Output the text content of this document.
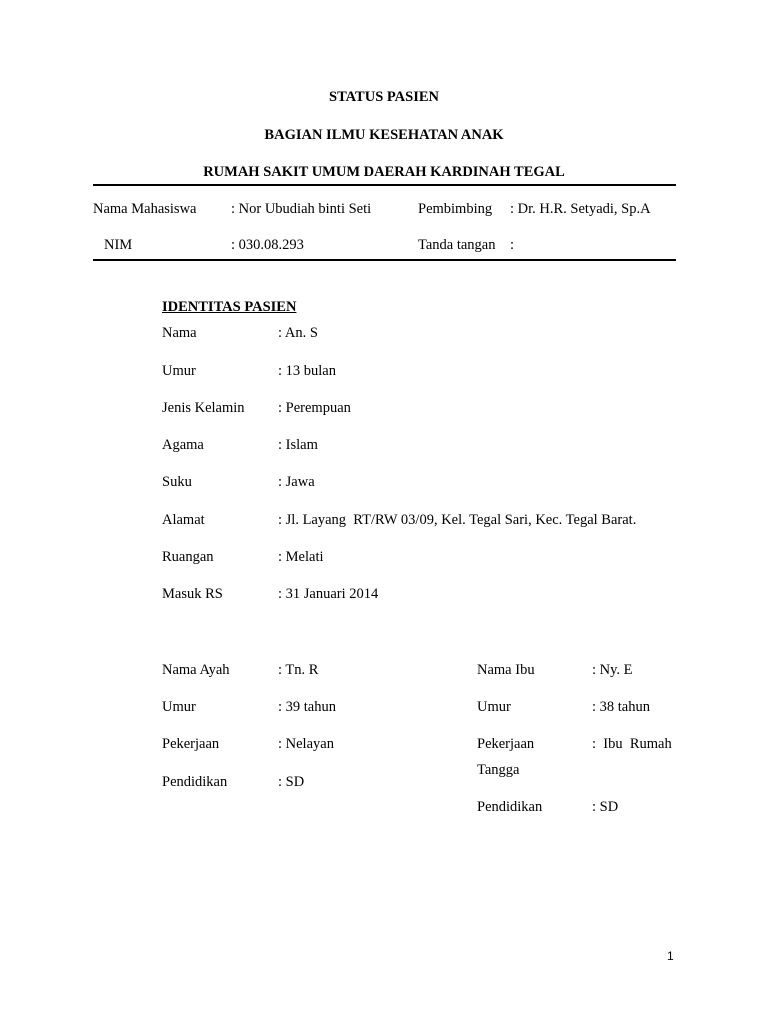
STATUS PASIEN
BAGIAN ILMU KESEHATAN ANAK
RUMAH SAKIT UMUM DAERAH KARDINAH TEGAL
Nama Mahasiswa : Nor Ubudiah binti Seti	Pembimbing : Dr. H.R. Setyadi, Sp.A
NIM	: 030.08.293	Tanda tangan :
IDENTITAS PASIEN
Nama	: An. S
Umur	: 13 bulan
Jenis Kelamin : Perempuan
Agama	: Islam
Suku	: Jawa
Alamat	: Jl. Layang  RT/RW 03/09, Kel. Tegal Sari, Kec. Tegal Barat.
Ruangan	: Melati
Masuk RS	: 31 Januari 2014
Nama Ayah	: Tn. R
Umur	: 39 tahun
Pekerjaan	: Nelayan
Pendidikan	: SD
Nama Ibu	: Ny. E
Umur	: 38 tahun
Pekerjaan	:  Ibu  Rumah
Tangga
Pendidikan	: SD
1
